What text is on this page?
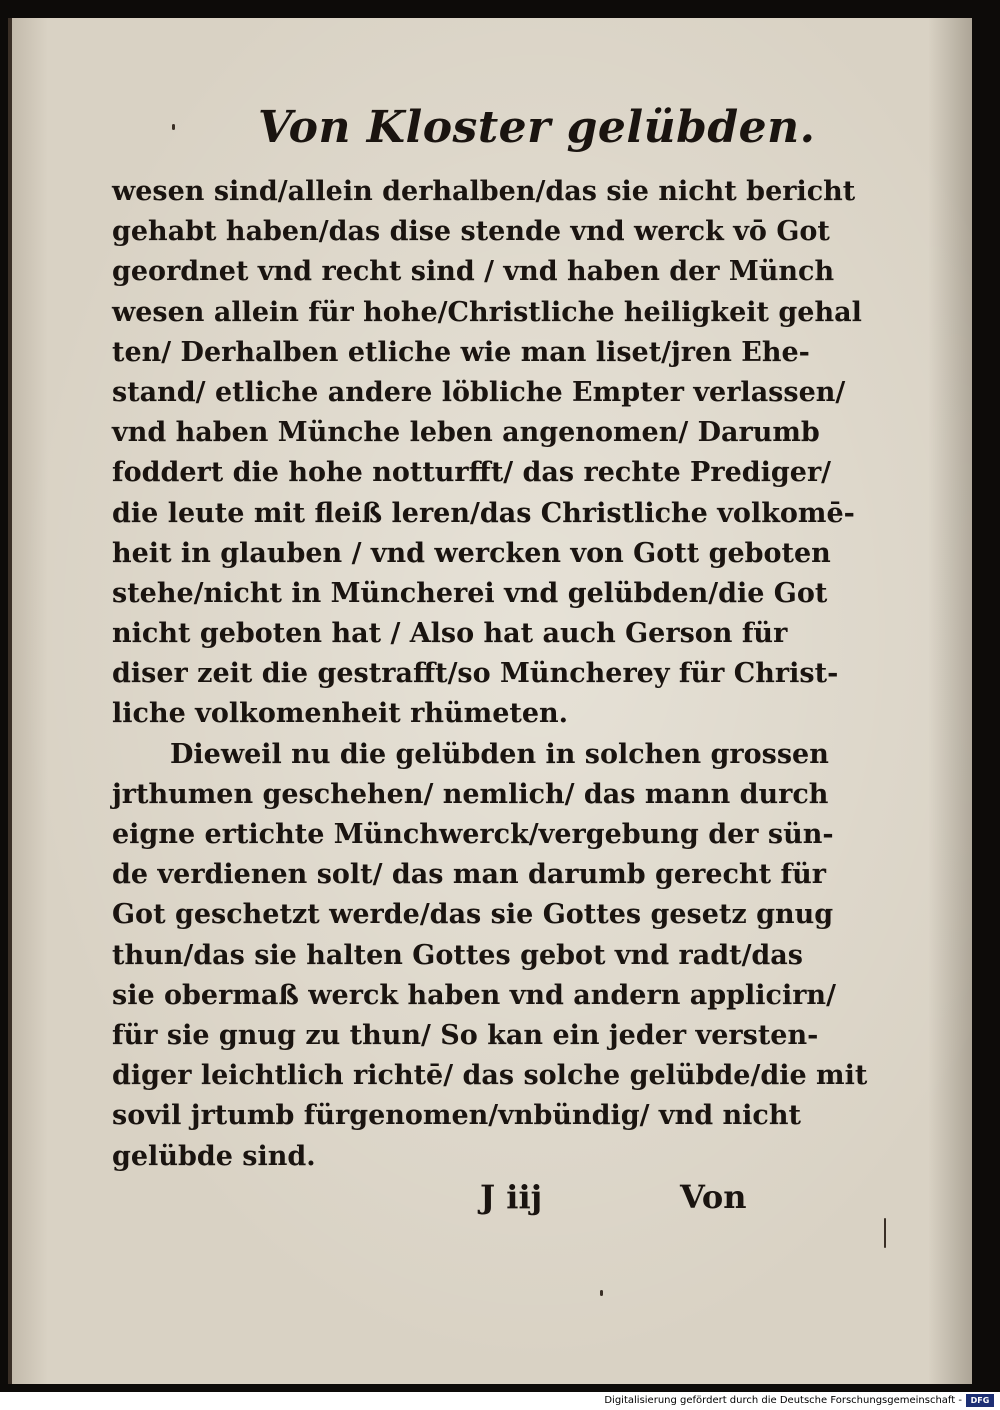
Von Kloster gelübden.
wesen sind/allein derhalben/das sie nicht bericht
gehabt haben/das dise stende vnd werck vō Got
geordnet vnd recht sind / vnd haben der Münch
wesen allein für hohe/Christliche heiligkeit gehal
ten/ Derhalben etliche wie man liset/jren Ehe-
stand/ etliche andere löbliche Empter verlassen/
vnd haben Münche leben angenomen/ Darumb
foddert die hohe notturfft/ das rechte Prediger/
die leute mit fleiß leren/das Christliche volkomē-
heit in glauben / vnd wercken von Gott geboten
stehe/nicht in Müncherei vnd gelübden/die Got
nicht geboten hat / Also hat auch Gerson für
diser zeit die gestrafft/so Müncherey für Christ-
liche volkomenheit rhümeten.
Dieweil nu die gelübden in solchen grossen
jrthumen geschehen/ nemlich/ das mann durch
eigne ertichte Münchwerck/vergebung der sün-
de verdienen solt/ das man darumb gerecht für
Got geschetzt werde/das sie Gottes gesetz gnug
thun/das sie halten Gottes gebot vnd radt/das
sie obermaß werck haben vnd andern applicirn/
für sie gnug zu thun/ So kan ein jeder versten-
diger leichtlich richtē/ das solche gelübde/die mit
sovil jrtumb fürgenomen/vnbündig/ vnd nicht
gelübde sind.
J iij	Von
Digitalisierung gefördert durch die Deutsche Forschungsgemeinschaft -	DFG
